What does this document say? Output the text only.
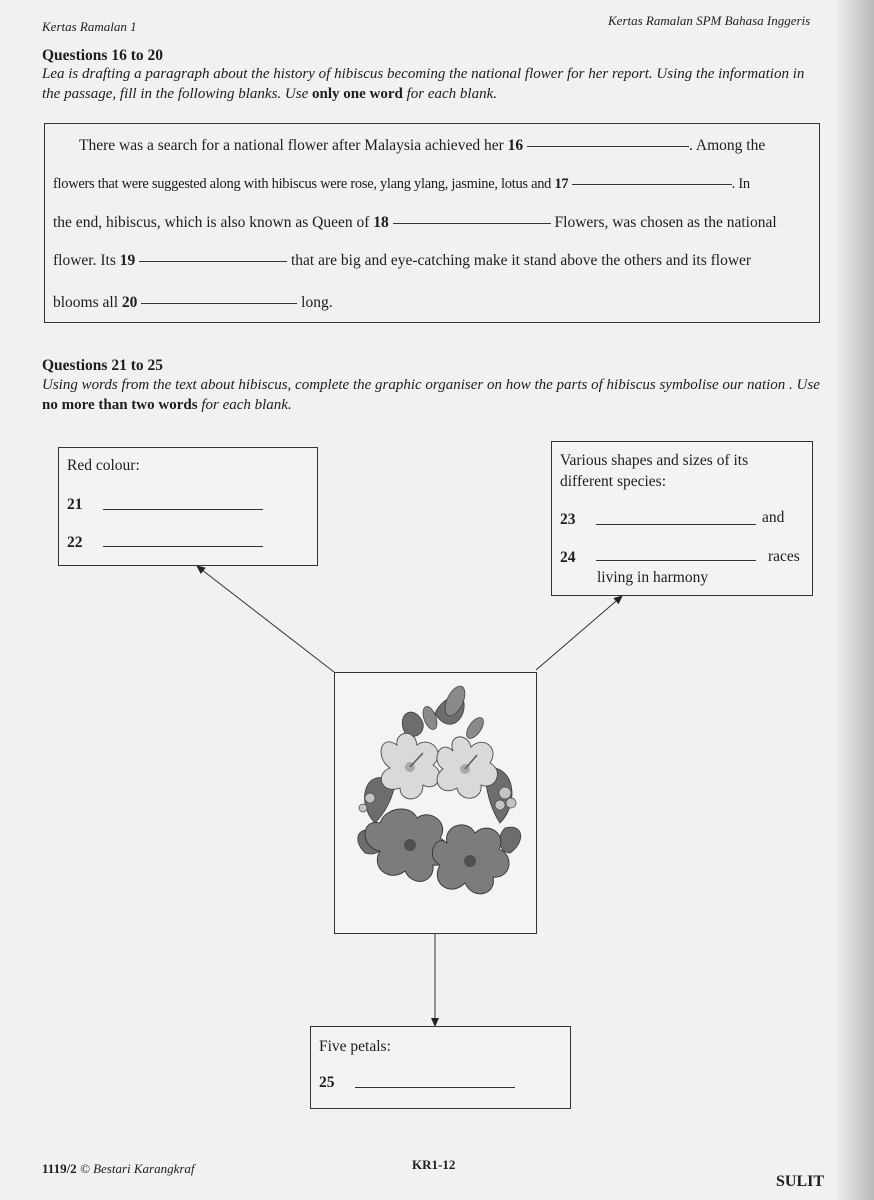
Kertas Ramalan 1	Kertas Ramalan SPM Bahasa Inggeris
Questions 16 to 20
Lea is drafting a paragraph about the history of hibiscus becoming the national flower for her report. Using the information in the passage, fill in the following blanks. Use only one word for each blank.
There was a search for a national flower after Malaysia achieved her 16	. Among the
flowers that were suggested along with hibiscus were rose, ylang ylang, jasmine, lotus and 17	. In
the end, hibiscus, which is also known as Queen of 18	Flowers, was chosen as the national
flower. Its 19	that are big and eye-catching make it stand above the others and its flower
blooms all 20	long.
Questions 21 to 25
Using words from the text about hibiscus, complete the graphic organiser on how the parts of hibiscus symbolise our nation . Use no more than two words for each blank.
Red colour:
21
22
Various shapes and sizes of its
different species:
23	and
24	races
living in harmony
Five petals:
25
1119/2 © Bestari Karangkraf	KR1-12
SULIT
